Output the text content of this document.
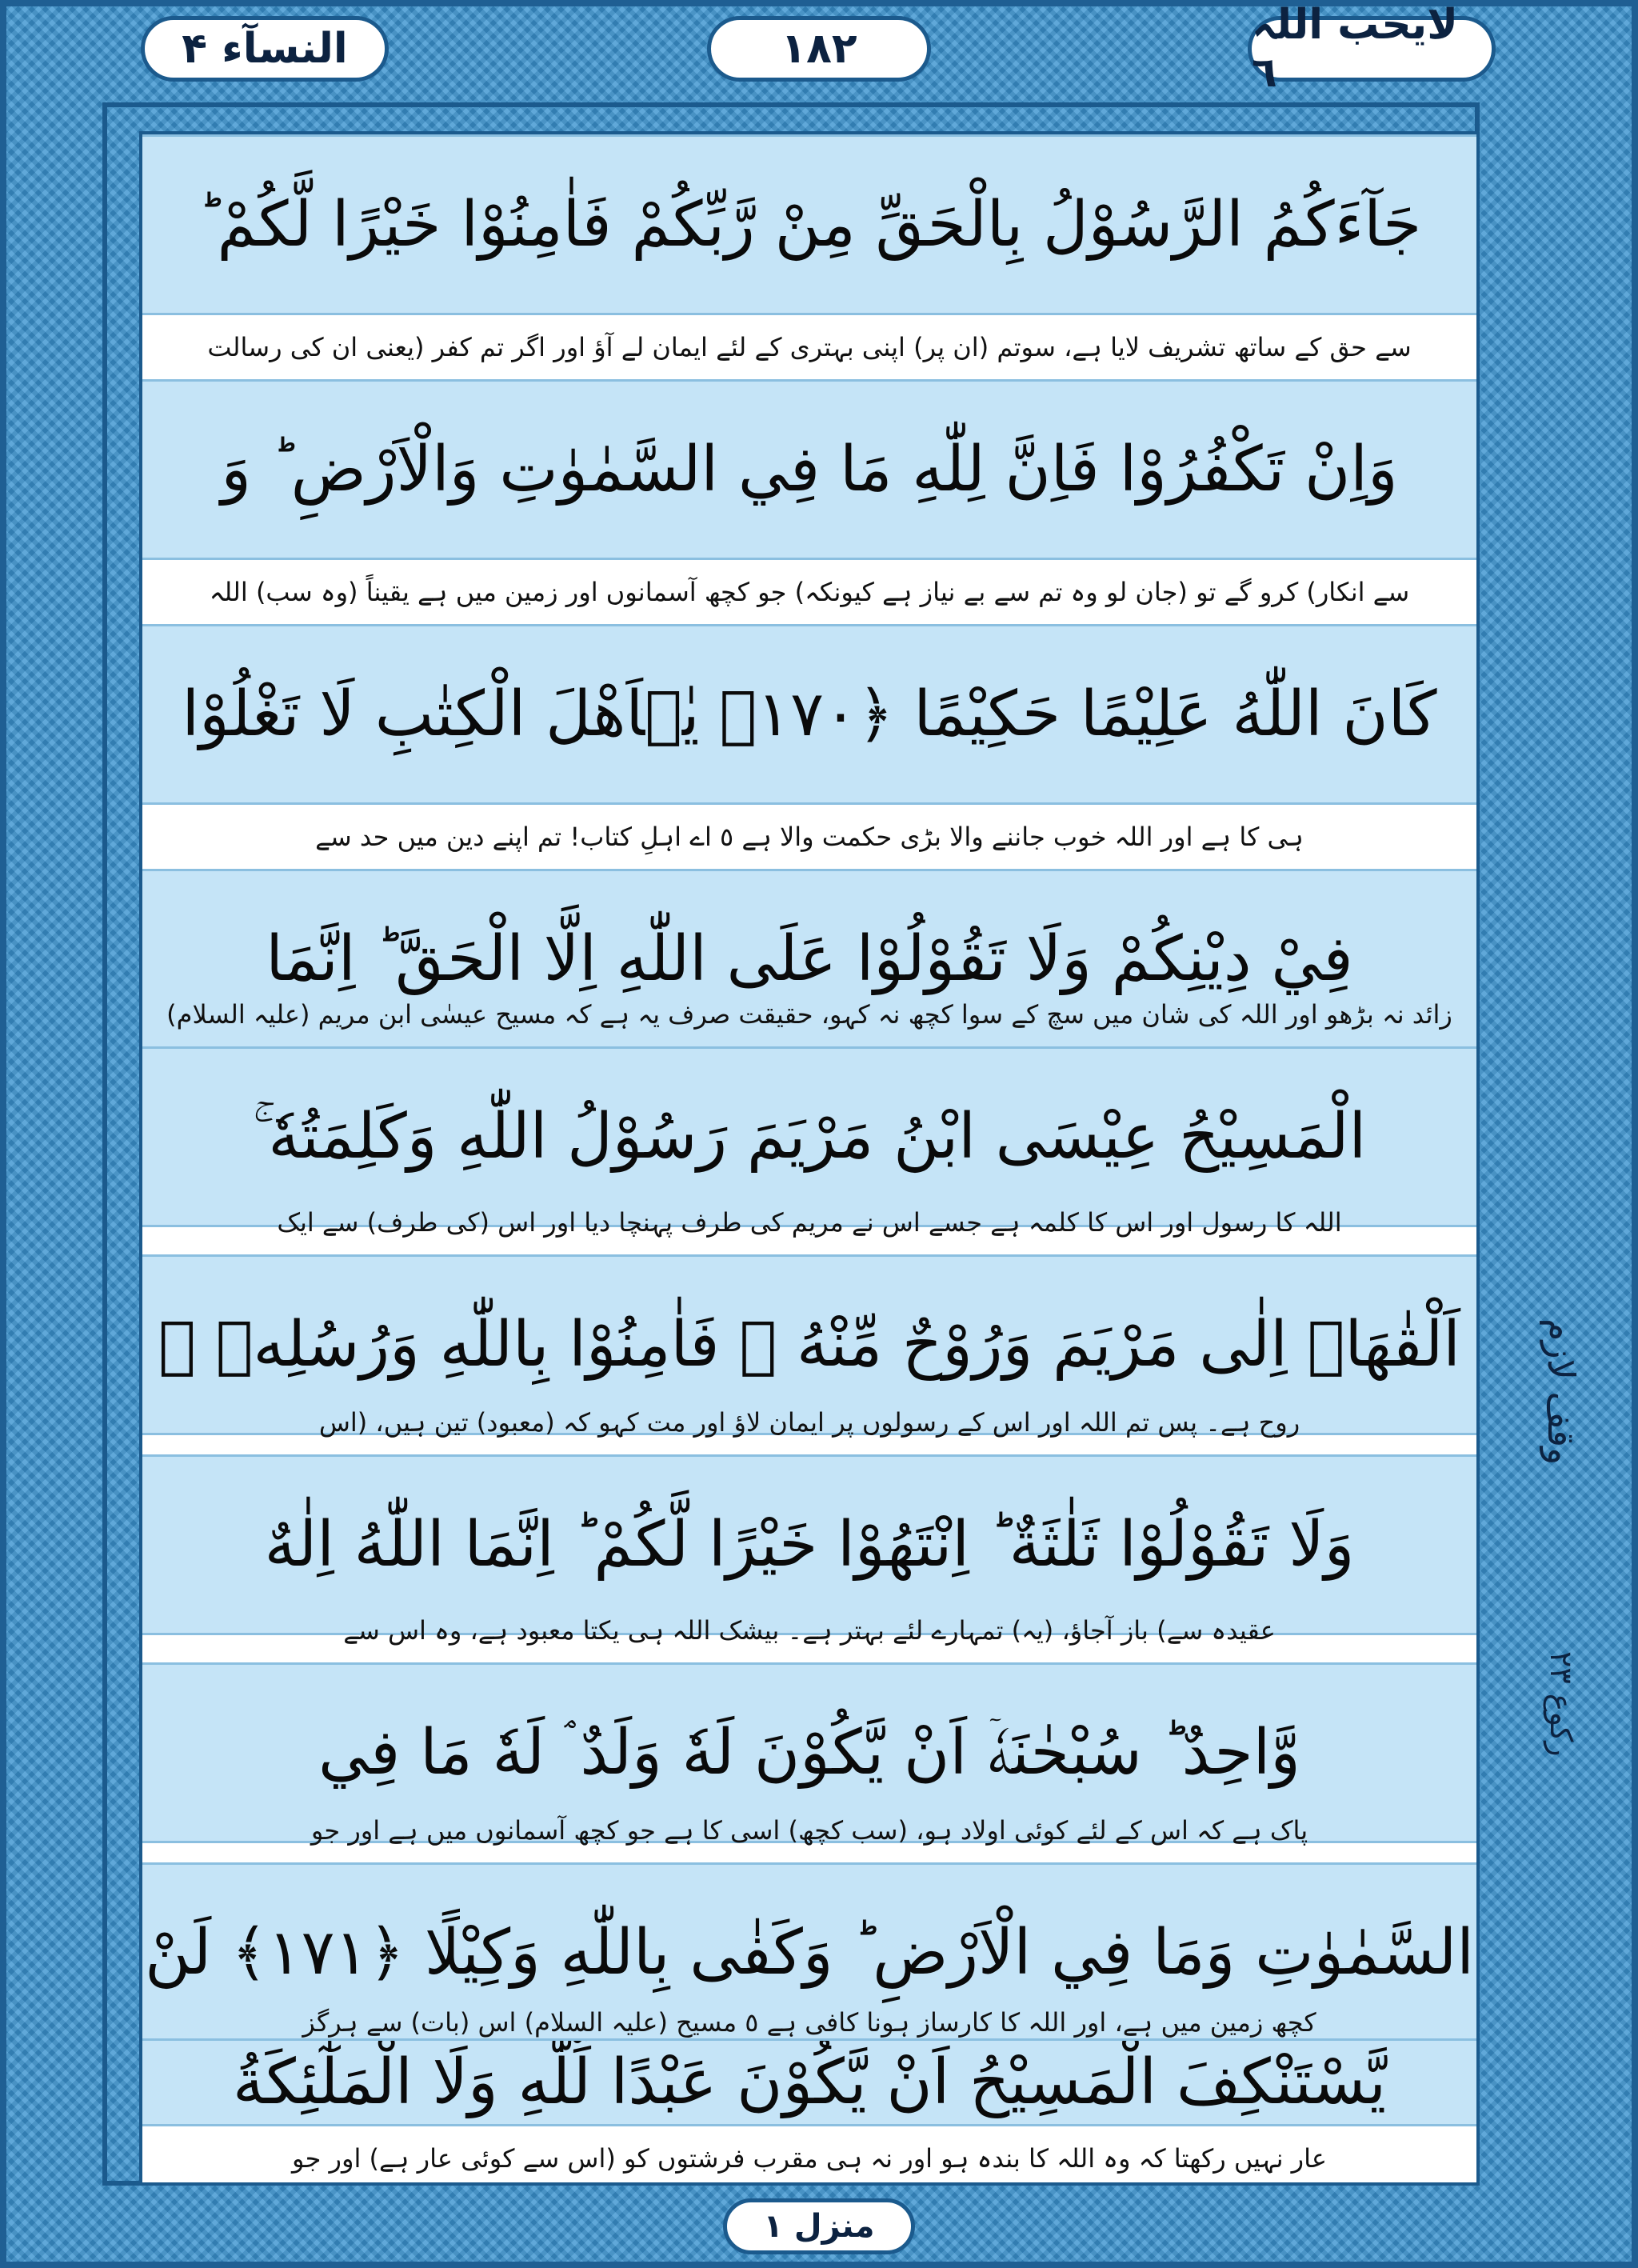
النسآء ۴	۱۸۲	لایحب اللہ ٦
جَآءَكُمُ الرَّسُوْلُ بِالْحَقِّ مِنْ رَّبِّكُمْ فَاٰمِنُوْا خَيْرًا لَّكُمْ ؕ
سے حق کے ساتھ تشریف لایا ہے، سوتم (ان پر) اپنی بہتری کے لئے ایمان لے آؤ اور اگر تم کفر (یعنی ان کی رسالت
وَاِنْ تَكْفُرُوْا فَاِنَّ لِلّٰهِ مَا فِي السَّمٰوٰتِ وَالْاَرْضِ ؕ وَ
سے انکار) کرو گے تو (جان لو وہ تم سے بے نیاز ہے کیونکہ) جو کچھ آسمانوں اور زمین میں ہے یقیناً (وہ سب) اللہ
كَانَ اللّٰهُ عَلِيْمًا حَكِيْمًا ﴿۱۷۰﴾ يٰۤاَهْلَ الْكِتٰبِ لَا تَغْلُوْا
ہی کا ہے اور اللہ خوب جاننے والا بڑی حکمت والا ہے ٥ اے اہلِ کتاب! تم اپنے دین میں حد سے
فِيْ دِيْنِكُمْ وَلَا تَقُوْلُوْا عَلَى اللّٰهِ اِلَّا الْحَقَّ ؕ اِنَّمَا
زائد نہ بڑھو اور اللہ کی شان میں سچ کے سوا کچھ نہ کہو، حقیقت صرف یہ ہے کہ مسیح عیسٰی ابن مریم (علیہ السلام)
الْمَسِيْحُ عِيْسَى ابْنُ مَرْيَمَ رَسُوْلُ اللّٰهِ وَكَلِمَتُهٗ ۚ
اللہ کا رسول اور اس کا کلمہ ہے جسے اس نے مریم کی طرف پہنچا دیا اور اس (کی طرف) سے ایک
اَلْقٰهَاۤ اِلٰى مَرْيَمَ وَرُوْحٌ مِّنْهُ ؗ فَاٰمِنُوْا بِاللّٰهِ وَرُسُلِهٖ ۚ
روح ہے۔ پس تم اللہ اور اس کے رسولوں پر ایمان لاؤ اور مت کہو کہ (معبود) تین ہیں، (اس
وَلَا تَقُوْلُوْا ثَلٰثَةٌ ؕ اِنْتَهُوْا خَيْرًا لَّكُمْ ؕ اِنَّمَا اللّٰهُ اِلٰهٌ
عقیدہ سے) باز آجاؤ، (یہ) تمہارے لئے بہتر ہے۔ بیشک اللہ ہی یکتا معبود ہے، وہ اس سے
وَّاحِدٌ ؕ سُبْحٰنَهٗۤ اَنْ يَّكُوْنَ لَهٗ وَلَدٌ ۘ لَهٗ مَا فِي
پاک ہے کہ اس کے لئے کوئی اولاد ہو، (سب کچھ) اسی کا ہے جو کچھ آسمانوں میں ہے اور جو
السَّمٰوٰتِ وَمَا فِي الْاَرْضِ ؕ وَكَفٰى بِاللّٰهِ وَكِيْلًا ﴿۱۷۱﴾ لَنْ
کچھ زمین میں ہے، اور اللہ کا کارساز ہونا کافی ہے ٥ مسیح (علیہ السلام) اس (بات) سے ہرگز
يَّسْتَنْكِفَ الْمَسِيْحُ اَنْ يَّكُوْنَ عَبْدًا لِّلّٰهِ وَلَا الْمَلٰٓئِكَةُ
عار نہیں رکھتا کہ وہ اللہ کا بندہ ہو اور نہ ہی مقرب فرشتوں کو (اس سے کوئی عار ہے) اور جو
وقف لازم
رکوع ۲۳
منزل ۱
